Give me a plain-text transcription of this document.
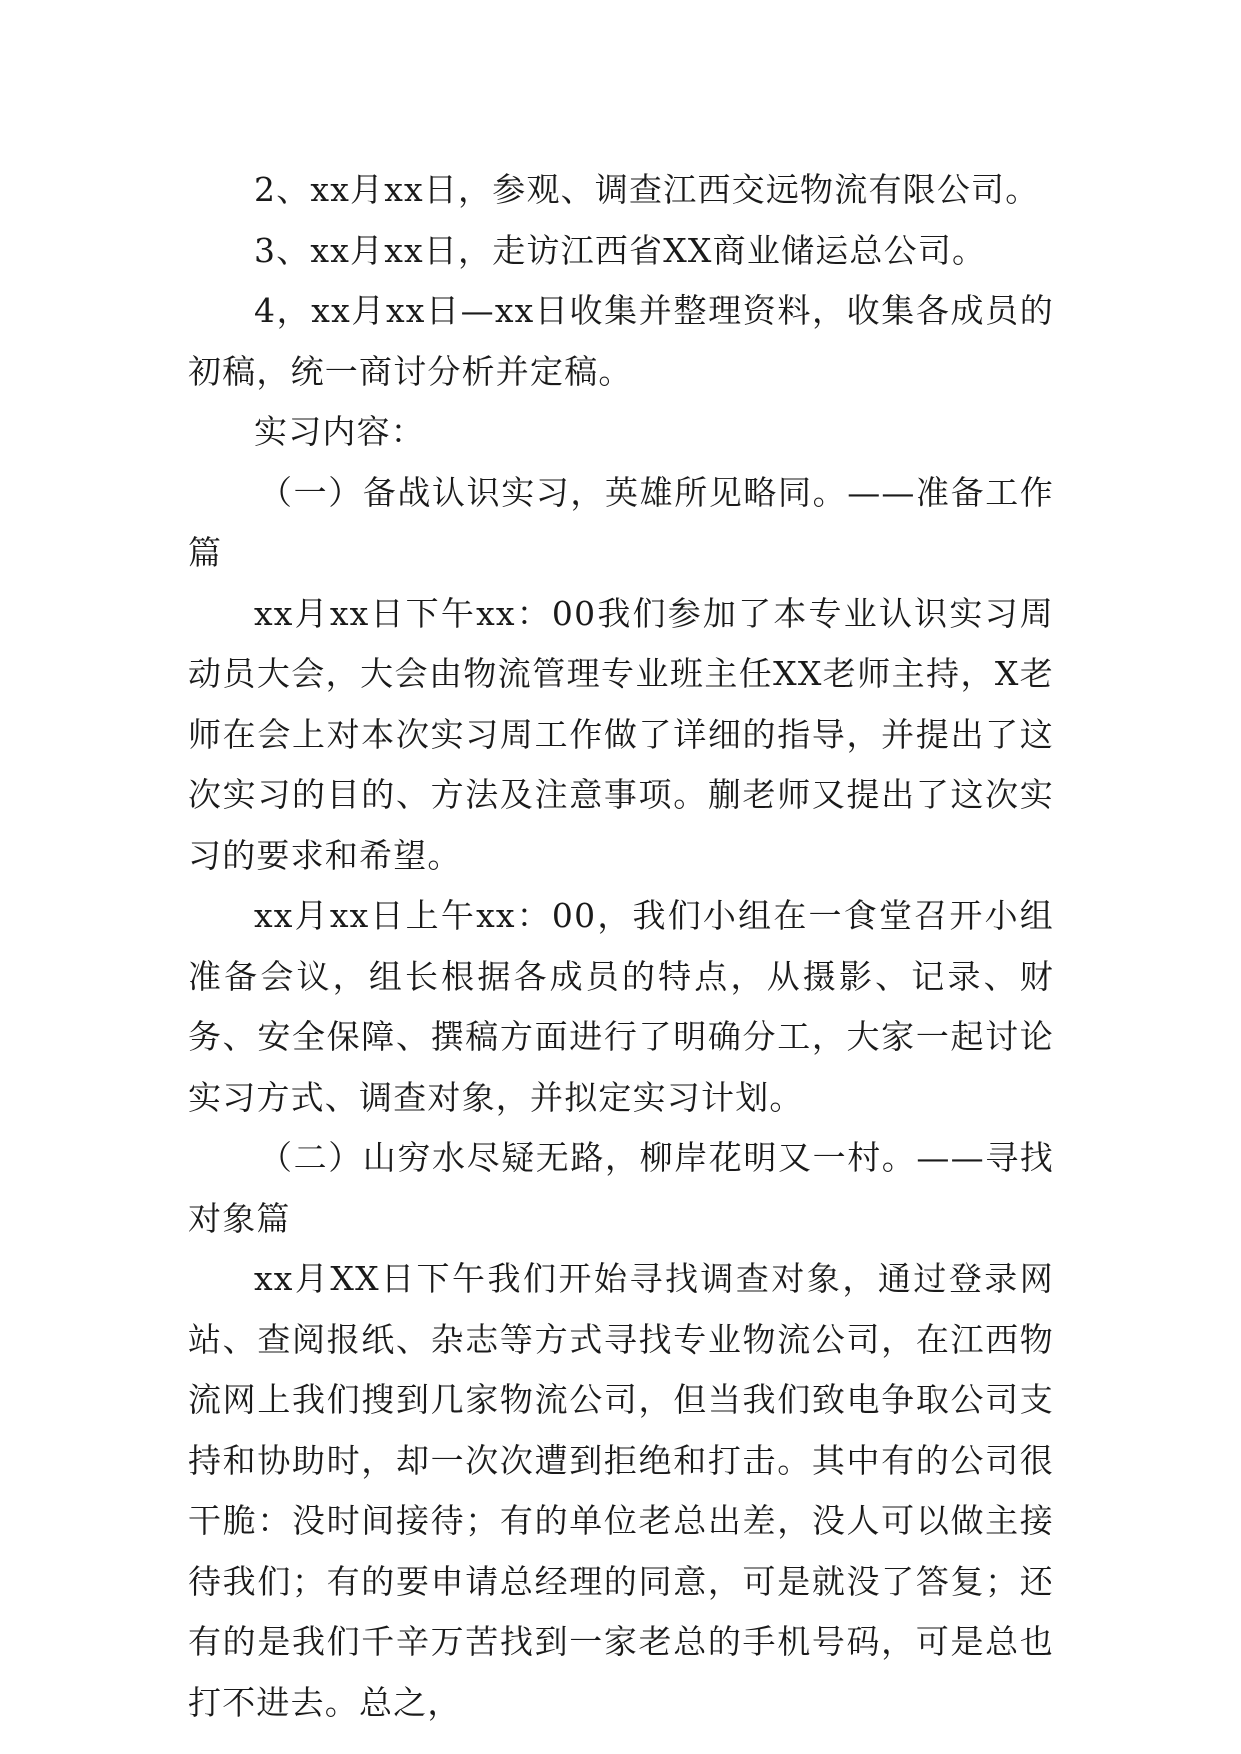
2、xx月xx日，参观、调查江西交远物流有限公司。

3、xx月xx日，走访江西省XX商业储运总公司。

4，xx月xx日—xx日收集并整理资料，收集各成员的初稿，统一商讨分析并定稿。

实习内容：

（一）备战认识实习，英雄所见略同。——准备工作篇

xx月xx日下午xx：00我们参加了本专业认识实习周动员大会，大会由物流管理专业班主任XX老师主持，X老师在会上对本次实习周工作做了详细的指导，并提出了这次实习的目的、方法及注意事项。蒯老师又提出了这次实习的要求和希望。

xx月xx日上午xx：00，我们小组在一食堂召开小组准备会议，组长根据各成员的特点，从摄影、记录、财务、安全保障、撰稿方面进行了明确分工，大家一起讨论实习方式、调查对象，并拟定实习计划。

（二）山穷水尽疑无路，柳岸花明又一村。——寻找对象篇

xx月XX日下午我们开始寻找调查对象，通过登录网站、查阅报纸、杂志等方式寻找专业物流公司，在江西物流网上我们搜到几家物流公司，但当我们致电争取公司支持和协助时，却一次次遭到拒绝和打击。其中有的公司很干脆：没时间接待；有的单位老总出差，没人可以做主接待我们；有的要申请总经理的同意，可是就没了答复；还有的是我们千辛万苦找到一家老总的手机号码，可是总也打不进去。总之，
